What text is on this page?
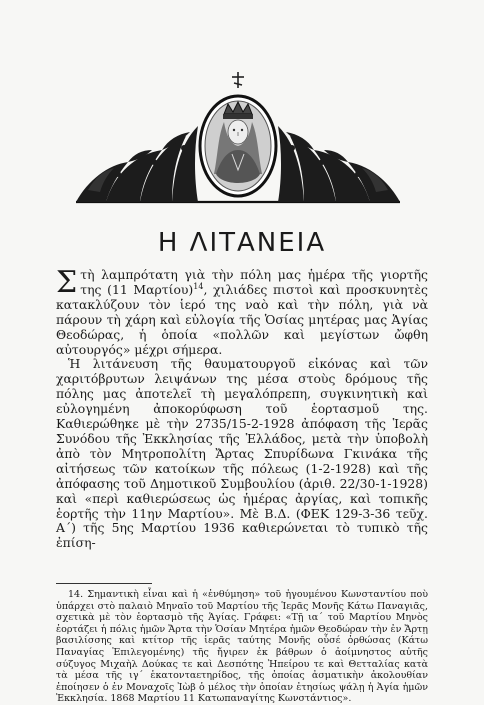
Η ΛΙΤΑΝΕΙΑ

Στὴ λαμπρότατη γιὰ τὴν πόλη μας ἡμέρα τῆς γιορτῆς της (11 Μαρτίου)$^{14}$, χιλιάδες πιστοὶ καὶ προσκυνητὲς κατακλύζουν τὸν ἱερό της ναὸ καὶ τὴν πόλη, γιὰ νὰ πάρουν τὴ χάρη καὶ εὐλογία τῆς Ὁσίας μητέρας μας Ἁγίας Θεοδώρας, ἡ ὁποία «πολλῶν καὶ μεγίστων ὤφθη αὐτουργός» μέχρι σήμερα.

Ἡ λιτάνευση τῆς θαυματουργοῦ εἰκόνας καὶ τῶν χαριτόβρυτων λειψάνων της μέσα στοὺς δρόμους τῆς πόλης μας ἀποτελεῖ τὴ μεγαλόπρεπη, συγκινητικὴ καὶ εὐλογημένη ἀποκορύφωση τοῦ ἑορτασμοῦ της. Καθιερώθηκε μὲ τὴν 2735/15-2-1928 ἀπόφαση τῆς Ἱερᾶς Συνόδου τῆς Ἐκκλησίας τῆς Ἑλλάδος, μετὰ τὴν ὑποβολὴ ἀπὸ τὸν Μητροπολίτη Ἄρτας Σπυρίδωνα Γκινάκα τῆς αἰτήσεως τῶν κατοίκων τῆς πόλεως (1-2-1928) καὶ τῆς ἀπόφασης τοῦ Δημοτικοῦ Συμβουλίου (ἀριθ. 22/30-1-1928) καὶ «περὶ καθιερώσεως ὡς ἡμέρας ἀργίας, καὶ τοπικῆς ἑορτῆς τὴν 11ην Μαρτίου». Μὲ Β.Δ. (ΦΕΚ 129-3-36 τεῦχ. Α΄) τῆς 5ης Μαρτίου 1936 καθιερώνεται τὸ τυπικὸ τῆς ἐπίση-

14. Σημαντικὴ εἶναι καὶ ἡ «ἐνθύμηση» τοῦ ἡγουμένου Κωνσταντίου ποὺ ὑπάρχει στὸ παλαιὸ Μηναῖο τοῦ Μαρτίου τῆς Ἱερᾶς Μονῆς Κάτω Παναγιᾶς, σχετικὰ μὲ τὸν ἑορτασμὸ τῆς Ἁγίας. Γράφει: «Τῇ ια΄ τοῦ Μαρτίου Μηνὸς ἑορτάζει ἡ πόλις ἡμῶν Ἄρτα τὴν Ὁσίαν Μητέρα ἡμῶν Θεοδώραν τὴν ἐν Ἄρτῃ βασιλίσσης καὶ κτίτορ τῆς ἱερᾶς ταύτης Μονῆς οὗσέ ὀρθώσας (Κάτω Παναγίας Ἐπιλεγομένης) τῆς ἤγιρεν ἐκ βάθρων ὁ ἀοίμνηστος αὐτῆς σύζυγος Μιχαὴλ Δούκας τε καὶ Δεσπότης Ἠπείρου τε καὶ Θετταλίας κατὰ τὰ μέσα τῆς ιγ΄ ἑκατονταετηρίδος, τῆς ὁποίας ἀσματικὴν ἀκολουθίαν ἐποίησεν ὁ ἐν Μοναχοῖς Ἰὼβ ὁ μέλος τὴν ὁποίαν ἐτησίως ψάλῃ ἡ Ἁγία ἡμῶν Ἐκκλησία. 1868 Μαρτίου 11 Κατωπαναγίτης Κωνστάντιος».
